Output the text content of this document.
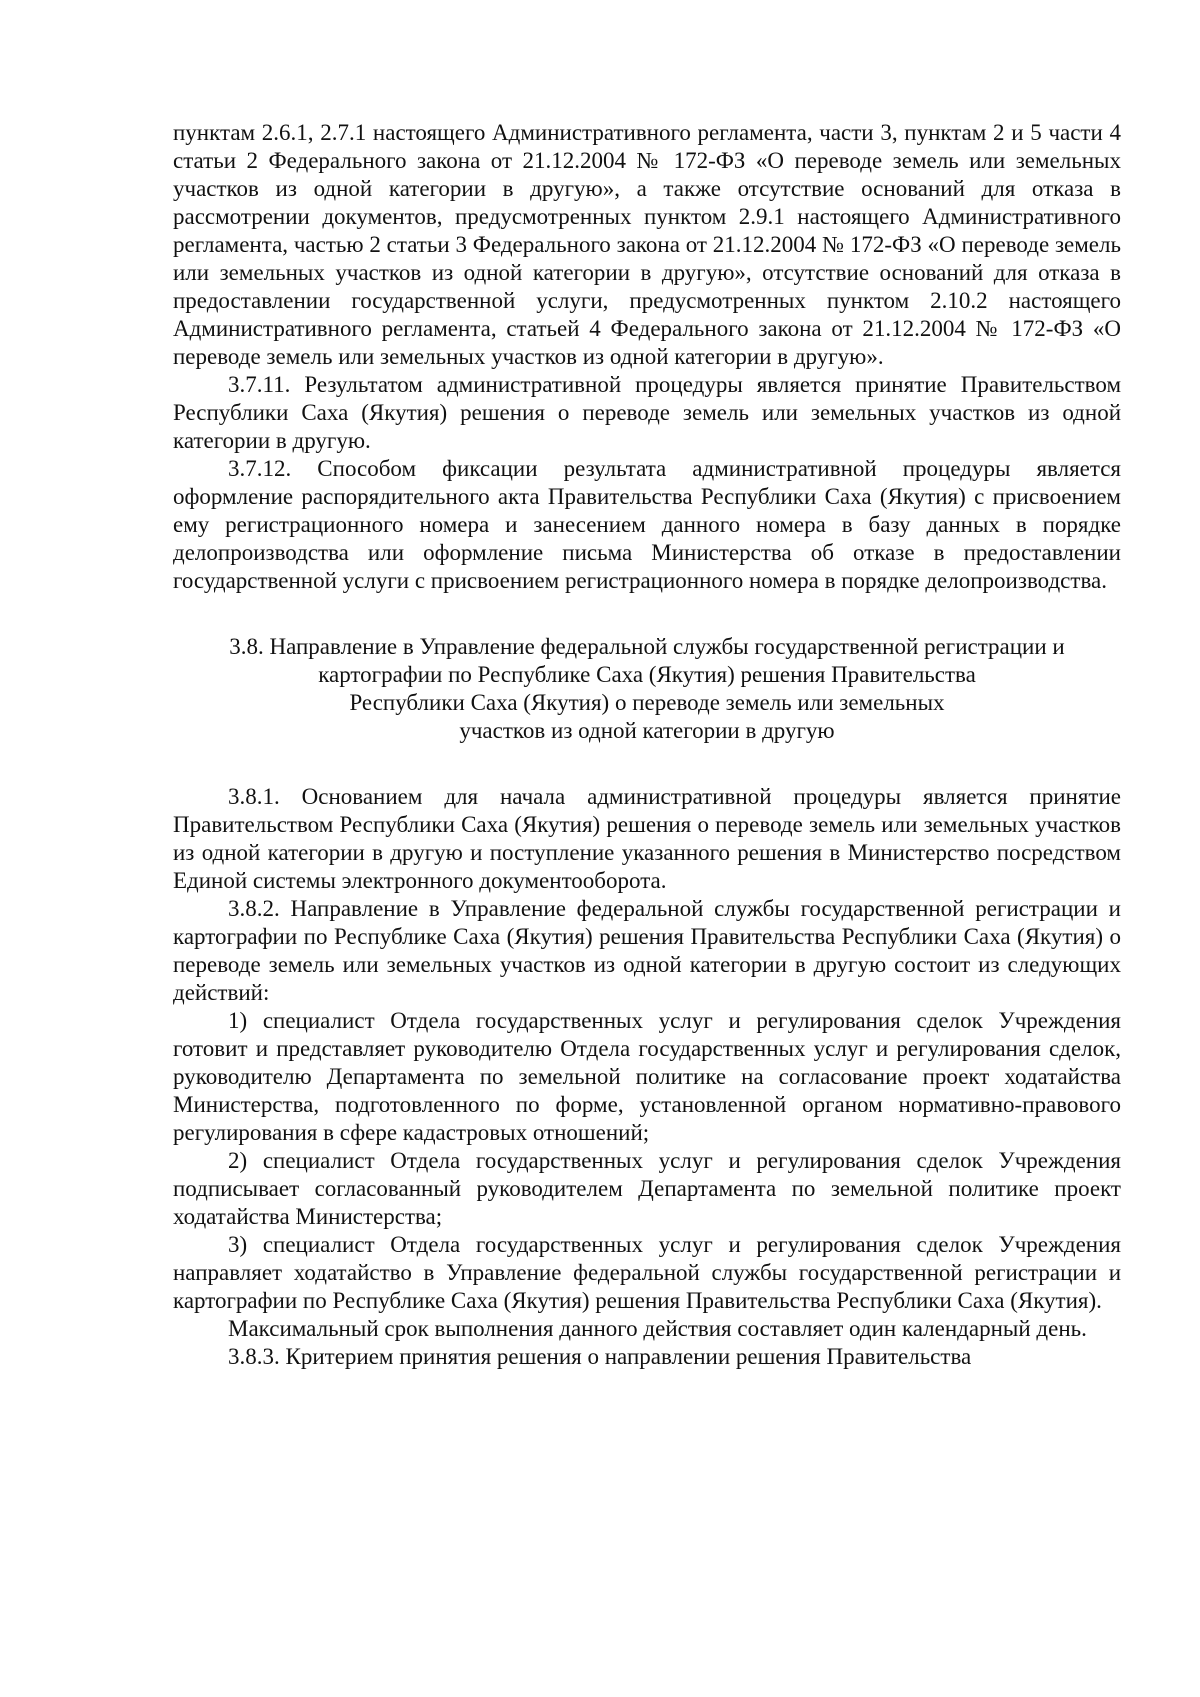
пунктам 2.6.1, 2.7.1 настоящего Административного регламента, части 3, пунктам 2 и 5 части 4 статьи 2 Федерального закона от 21.12.2004 № 172-ФЗ «О переводе земель или земельных участков из одной категории в другую», а также отсутствие оснований для отказа в рассмотрении документов, предусмотренных пунктом 2.9.1 настоящего Административного регламента, частью 2 статьи 3 Федерального закона от 21.12.2004 № 172-ФЗ «О переводе земель или земельных участков из одной категории в другую», отсутствие оснований для отказа в предоставлении государственной услуги, предусмотренных пунктом 2.10.2 настоящего Административного регламента, статьей 4 Федерального закона от 21.12.2004 № 172-ФЗ «О переводе земель или земельных участков из одной категории в другую».

3.7.11. Результатом административной процедуры является принятие Правительством Республики Саха (Якутия) решения о переводе земель или земельных участков из одной категории в другую.

3.7.12. Способом фиксации результата административной процедуры является оформление распорядительного акта Правительства Республики Саха (Якутия) с присвоением ему регистрационного номера и занесением данного номера в базу данных в порядке делопроизводства или оформление письма Министерства об отказе в предоставлении государственной услуги с присвоением регистрационного номера в порядке делопроизводства.

3.8. Направление в Управление федеральной службы государственной регистрации и
картографии по Республике Саха (Якутия) решения Правительства
Республики Саха (Якутия) о переводе земель или земельных
участков из одной категории в другую

3.8.1. Основанием для начала административной процедуры является принятие Правительством Республики Саха (Якутия) решения о переводе земель или земельных участков из одной категории в другую и поступление указанного решения в Министерство посредством Единой системы электронного документооборота.

3.8.2. Направление в Управление федеральной службы государственной регистрации и картографии по Республике Саха (Якутия) решения Правительства Республики Саха (Якутия) о переводе земель или земельных участков из одной категории в другую состоит из следующих действий:

1) специалист Отдела государственных услуг и регулирования сделок Учреждения готовит и представляет руководителю Отдела государственных услуг и регулирования сделок, руководителю Департамента по земельной политике на согласование проект ходатайства Министерства, подготовленного по форме, установленной органом нормативно-правового регулирования в сфере кадастровых отношений;

2) специалист Отдела государственных услуг и регулирования сделок Учреждения подписывает согласованный руководителем Департамента по земельной политике проект ходатайства Министерства;

3) специалист Отдела государственных услуг и регулирования сделок Учреждения направляет ходатайство в Управление федеральной службы государственной регистрации и картографии по Республике Саха (Якутия) решения Правительства Республики Саха (Якутия).

Максимальный срок выполнения данного действия составляет один календарный день.

3.8.3. Критерием принятия решения о направлении решения Правительства
